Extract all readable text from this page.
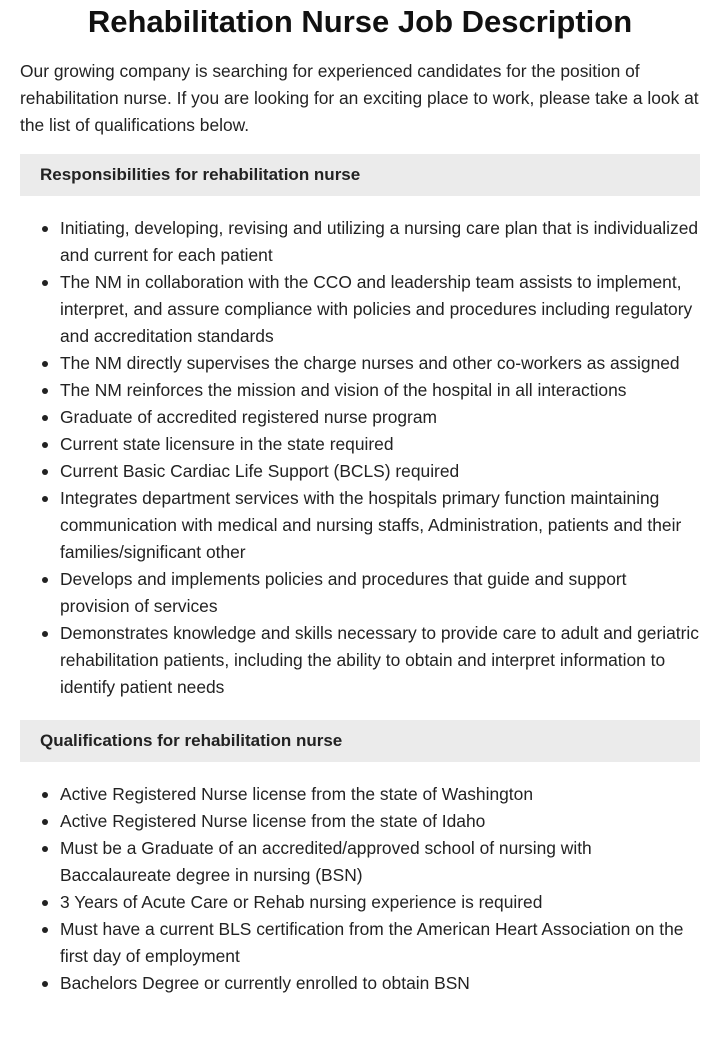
Rehabilitation Nurse Job Description

Our growing company is searching for experienced candidates for the position of rehabilitation nurse. If you are looking for an exciting place to work, please take a look at the list of qualifications below.

Responsibilities for rehabilitation nurse
Initiating, developing, revising and utilizing a nursing care plan that is individualized and current for each patient
The NM in collaboration with the CCO and leadership team assists to implement, interpret, and assure compliance with policies and procedures including regulatory and accreditation standards
The NM directly supervises the charge nurses and other co-workers as assigned
The NM reinforces the mission and vision of the hospital in all interactions
Graduate of accredited registered nurse program
Current state licensure in the state required
Current Basic Cardiac Life Support (BCLS) required
Integrates department services with the hospitals primary function maintaining communication with medical and nursing staffs, Administration, patients and their families/significant other
Develops and implements policies and procedures that guide and support provision of services
Demonstrates knowledge and skills necessary to provide care to adult and geriatric rehabilitation patients, including the ability to obtain and interpret information to identify patient needs
Qualifications for rehabilitation nurse
Active Registered Nurse license from the state of Washington
Active Registered Nurse license from the state of Idaho
Must be a Graduate of an accredited/approved school of nursing with Baccalaureate degree in nursing (BSN)
3 Years of Acute Care or Rehab nursing experience is required
Must have a current BLS certification from the American Heart Association on the first day of employment
Bachelors Degree or currently enrolled to obtain BSN
